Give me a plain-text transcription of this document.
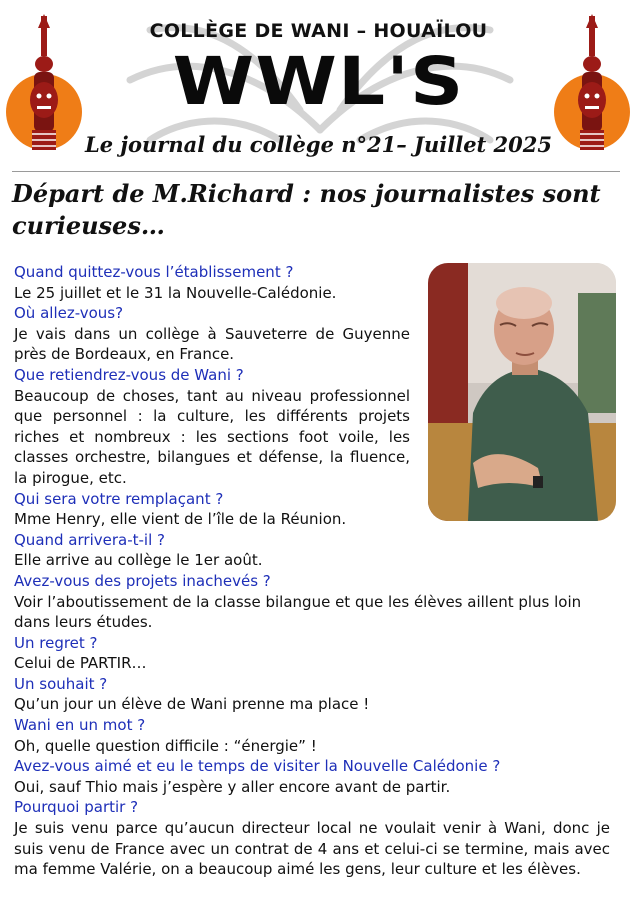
COLLÈGE DE WANI – HOUAÏLOU
WWL'S
Le journal du collège n°21– Juillet 2025
Départ de M.Richard : nos journalistes sont curieuses…
Quand quittez-vous l’établissement ?
Le 25 juillet et le 31 la Nouvelle-Calédonie.
Où allez-vous?
Je vais dans un collège à Sauveterre de Guyenne près de Bordeaux, en France.
Que retiendrez-vous de Wani ?
Beaucoup de choses, tant au niveau professionnel que personnel : la culture, les différents projets riches et nombreux : les sections foot voile, les classes orchestre, bilangues et défense, la fluence, la pirogue, etc.
Qui sera votre remplaçant ?
Mme Henry, elle vient de l’île de la Réunion.
Quand arrivera-t-il ?
Elle arrive au collège le 1er août.
Avez-vous des projets inachevés ?
Voir l’aboutissement de la classe bilangue et que les élèves aillent plus loin dans leurs études.
Un regret ?
Celui de PARTIR…
Un souhait ?
Qu’un jour un élève de Wani prenne ma place !
Wani en un mot ?
Oh, quelle question difficile : “énergie” !
Avez-vous aimé et eu le temps de visiter la Nouvelle Calédonie ?
Oui, sauf Thio mais j’espère y aller encore avant de partir.
Pourquoi partir ?
Je suis venu parce qu’aucun directeur local ne voulait venir à Wani, donc je suis venu de France avec un contrat de 4 ans et celui-ci se termine, mais avec ma femme Valérie, on a beaucoup aimé les gens, leur culture et les élèves.
